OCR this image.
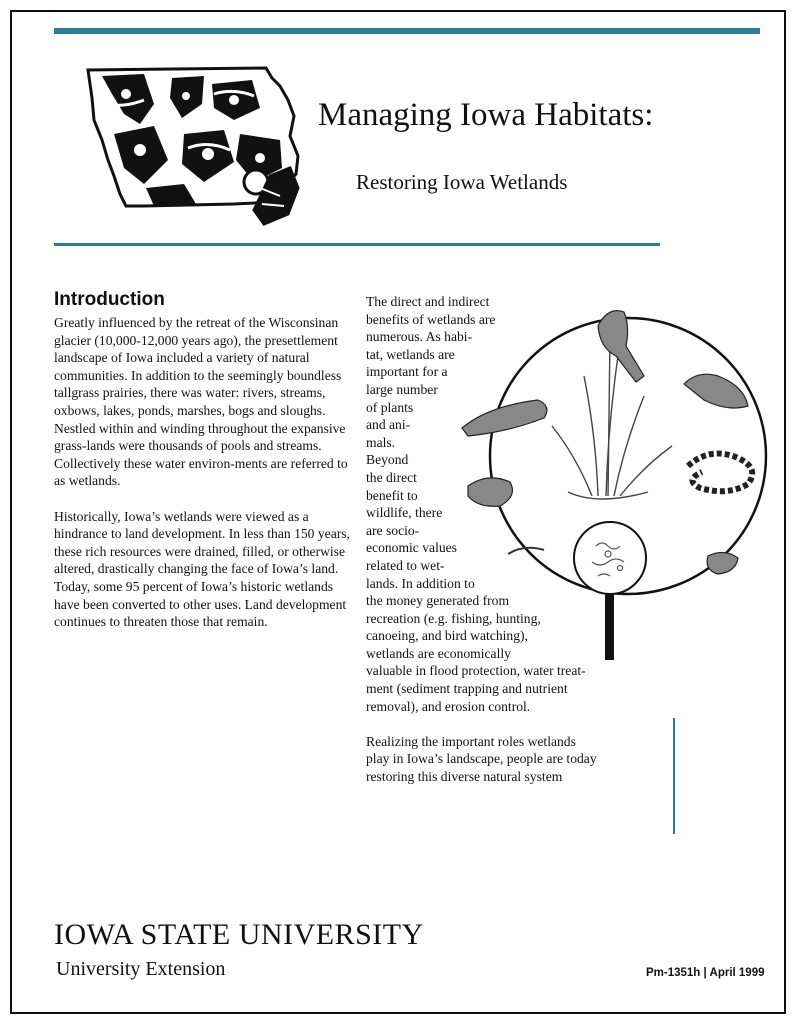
Managing Iowa Habitats:
Restoring Iowa Wetlands
Introduction

Greatly influenced by the retreat of the Wisconsinan glacier (10,000-12,000 years ago), the presettlement landscape of Iowa included a variety of natural communities. In addition to the seemingly boundless tallgrass prairies, there was water: rivers, streams, oxbows, lakes, ponds, marshes, bogs and sloughs. Nestled within and winding throughout the expansive grass-lands were thousands of pools and streams. Collectively these water environ-ments are referred to as wetlands.

Historically, Iowa’s wetlands were viewed as a hindrance to land development. In less than 150 years, these rich resources were drained, filled, or otherwise altered, drastically changing the face of Iowa’s land. Today, some 95 percent of Iowa’s historic wetlands have been converted to other uses. Land development continues to threaten those that remain.

The direct and indirect
benefits of wetlands are
numerous. As habi-
tat, wetlands are
important for a
large number
of plants
and ani-
mals.
Beyond
the direct
benefit to
wildlife, there
are socio-
economic values
related to wet-
lands. In addition to
the money generated from
recreation (e.g. fishing, hunting,
canoeing, and bird watching),
wetlands are economically
valuable in flood protection, water treat-
ment (sediment trapping and nutrient
removal), and erosion control.
Realizing the important roles wetlands
play in Iowa’s landscape, people are today
restoring this diverse natural system
IOWA STATE UNIVERSITY
University Extension	Pm-1351h | April 1999
